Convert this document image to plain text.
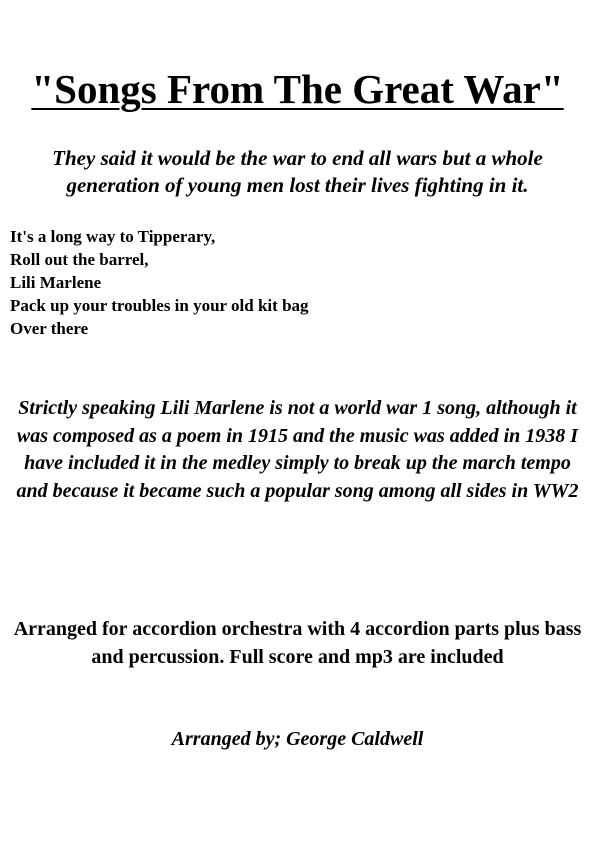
"Songs From The Great War"
They said it would be the war to end all wars but a whole generation of young men lost their lives fighting in it.
It's a long way to Tipperary,
Roll out the barrel,
Lili Marlene
Pack up your troubles in your old kit bag
Over there
Strictly speaking Lili Marlene is not a world war 1 song, although it was composed as a poem in 1915 and the music was added in 1938 I have included it in the medley simply to break up the march tempo and because it became such a popular song among all sides in WW2
Arranged for accordion orchestra with 4 accordion parts plus bass and percussion. Full score and mp3 are included
Arranged by; George Caldwell
